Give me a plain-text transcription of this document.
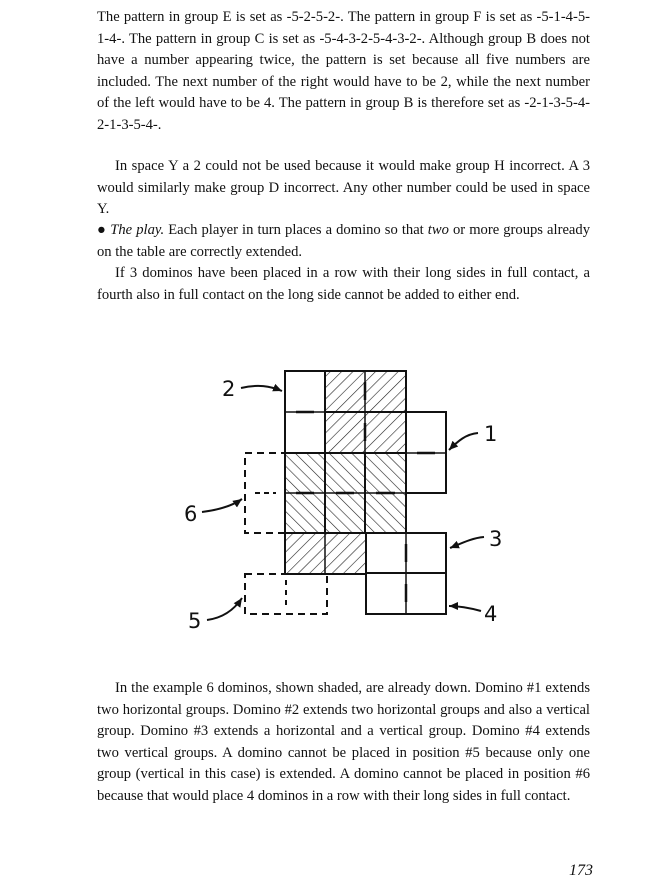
The pattern in group E is set as -5-2-5-2-. The pattern in group F is set as -5-1-4-5-1-4-. The pattern in group C is set as -5-4-3-2-5-4-3-2-. Although group B does not have a number appearing twice, the pattern is set because all five numbers are included. The next number of the right would have to be 2, while the next number of the left would have to be 4. The pattern in group B is therefore set as -2-1-3-5-4-2-1-3-5-4-.

In space Y a 2 could not be used because it would make group H incorrect. A 3 would similarly make group D incorrect. Any other number could be used in space Y.

● The play. Each player in turn places a domino so that two or more groups already on the table are correctly extended.

If 3 dominos have been placed in a row with their long sides in full contact, a fourth also in full contact on the long side cannot be added to either end.

2
1
6
3
5	4

In the example 6 dominos, shown shaded, are already down. Domino #1 extends two horizontal groups. Domino #2 extends two horizontal groups and also a vertical group. Domino #3 extends a horizontal and a vertical group. Domino #4 extends two vertical groups. A domino cannot be placed in position #5 because only one group (vertical in this case) is extended. A domino cannot be placed in position #6 because that would place 4 dominos in a row with their long sides in full contact.

173
